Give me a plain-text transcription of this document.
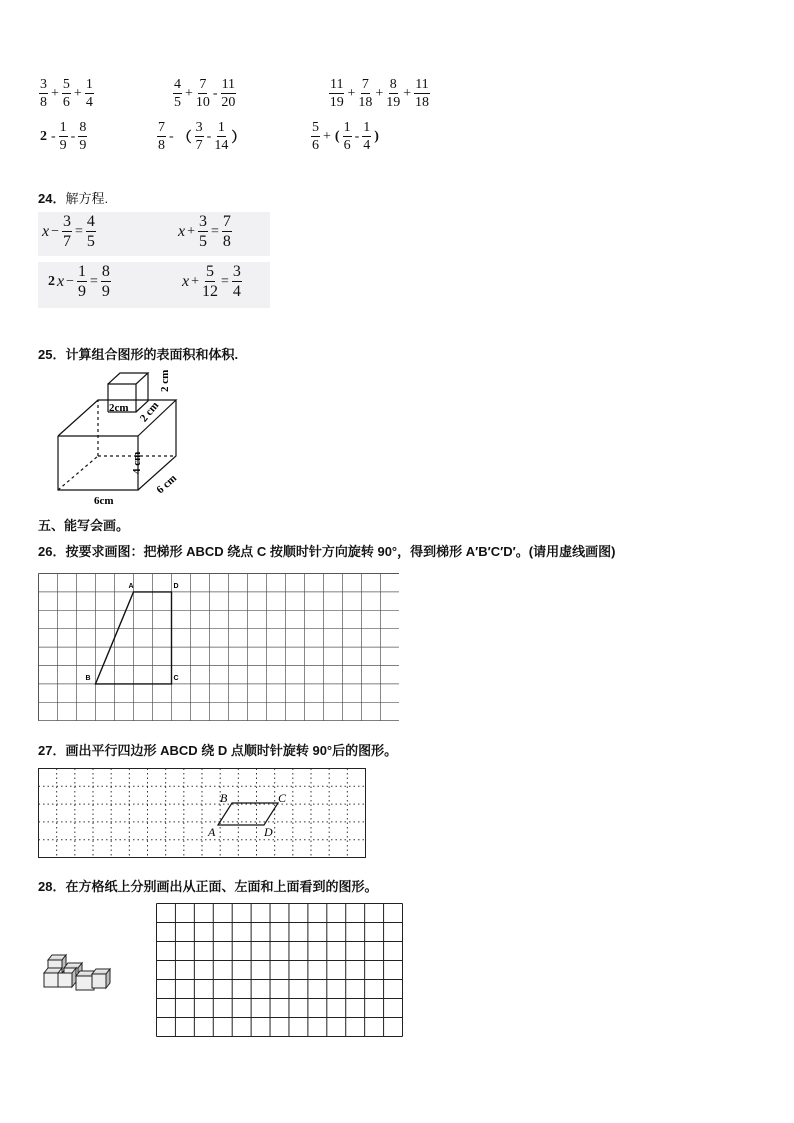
24．解方程.
25．计算组合图形的表面积和体积.
2cm 2 cm
2 cm
4 cm
6cm
6 cm
五、能写会画。
26．按要求画图：把梯形 ABCD 绕点 C 按顺时针方向旋转 90°，得到梯形 A′B′C′D′。(请用虚线画图)
A	D
C
B
27．画出平行四边形 ABCD 绕 D 点顺时针旋转 90°后的图形。
A
B	C
D
28．在方格纸上分别画出从正面、左面和上面看到的图形。
$\frac{3}{8} + \frac{5}{6} + \frac{1}{4}$	$\frac{4}{5} + \frac{7}{10} - \frac{11}{20}$	$\frac{11}{19} + \frac{7}{18} + \frac{8}{19} + \frac{11}{18}$
$2 - \frac{1}{9} - \frac{8}{9}$	$\frac{7}{8}$ - （ $\frac{3}{7} - \frac{1}{14}$ ）	$\frac{5}{6}$ + ( $\frac{1}{6} - \frac{1}{4}$ )
$x - \frac{3}{7} = \frac{4}{5}$	$x + \frac{3}{5} = \frac{7}{8}$
2 $x - \frac{1}{9} = \frac{8}{9}$	$x + \frac{5}{12} = \frac{3}{4}$
